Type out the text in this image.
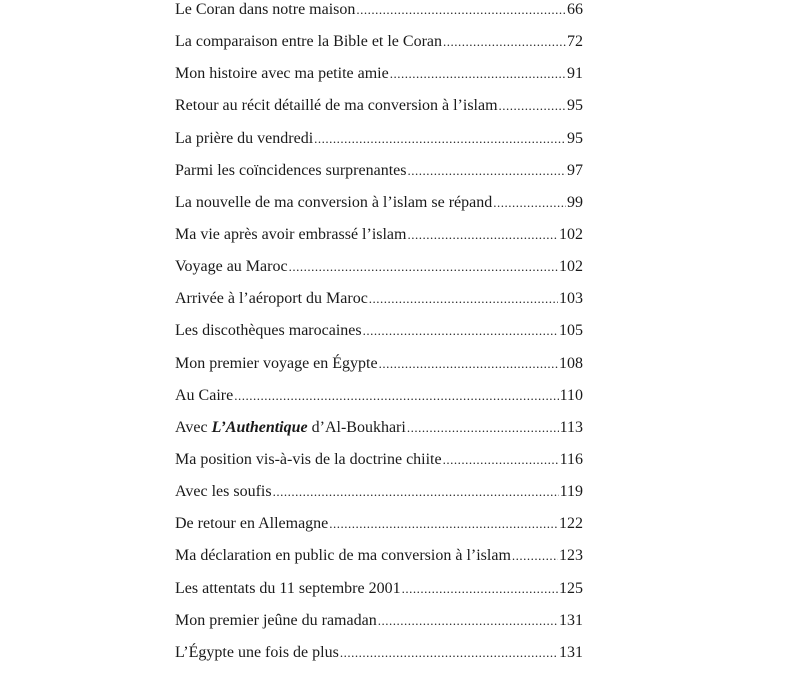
Le Coran dans notre maison .....	66
La comparaison entre la Bible et le Coran .....	72
Mon histoire avec ma petite amie .....	91
Retour au récit détaillé de ma conversion à l’islam .....	95
La prière du vendredi .....	95
Parmi les coïncidences surprenantes .....	97
La nouvelle de ma conversion à l’islam se répand .....	99
Ma vie après avoir embrassé l’islam .....	102
Voyage au Maroc .....	102
Arrivée à l’aéroport du Maroc .....	103
Les discothèques marocaines .....	105
Mon premier voyage en Égypte .....	108
Au Caire .....	110
Avec L’Authentique d’Al-Boukhari .....	113
Ma position vis-à-vis de la doctrine chiite .....	116
Avec les soufis .....	119
De retour en Allemagne .....	122
Ma déclaration en public de ma conversion à l’islam .....	123
Les attentats du 11 septembre 2001 .....	125
Mon premier jeûne du ramadan .....	131
L’Égypte une fois de plus .....	131
